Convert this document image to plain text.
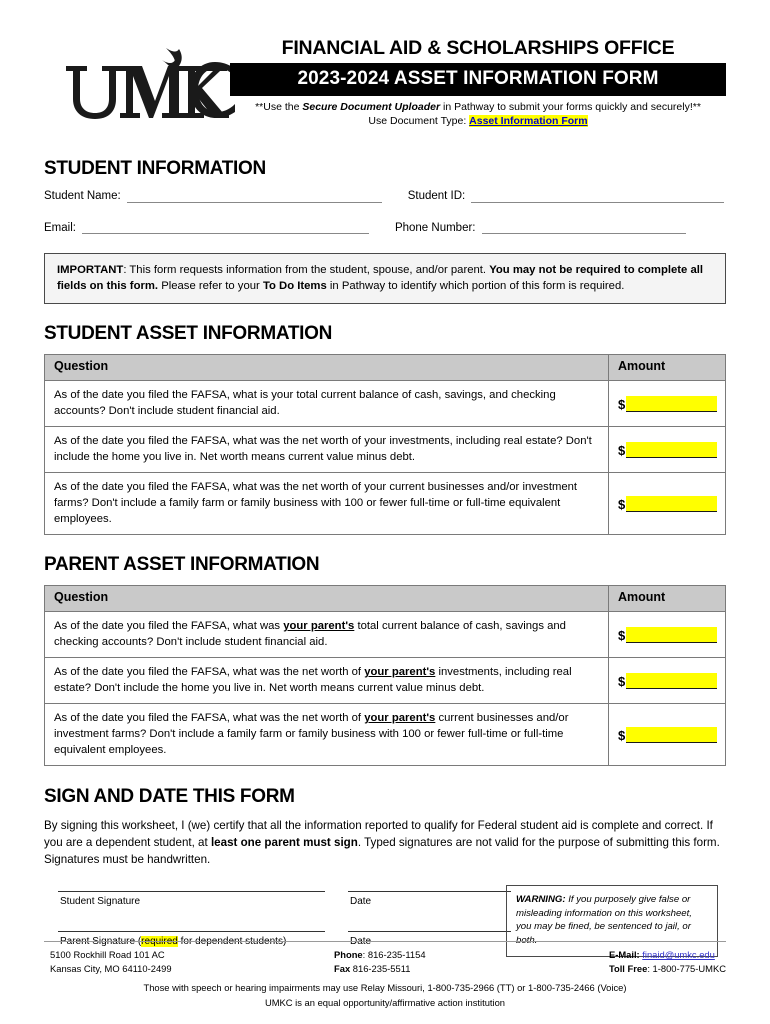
FINANCIAL AID & SCHOLARSHIPS OFFICE
2023-2024 ASSET INFORMATION FORM
**Use the Secure Document Uploader in Pathway to submit your forms quickly and securely!**
Use Document Type: Asset Information Form
STUDENT INFORMATION
Student Name:	Student ID:
Email:	Phone Number:
IMPORTANT: This form requests information from the student, spouse, and/or parent. You may not be required to complete all fields on this form. Please refer to your To Do Items in Pathway to identify which portion of this form is required.
STUDENT ASSET INFORMATION
Question	Amount
As of the date you filed the FAFSA, what is your total current balance of cash, savings, and checking accounts? Don't include student financial aid.	$

As of the date you filed the FAFSA, what was the net worth of your investments, including real estate? Don't include the home you live in. Net worth means current value minus debt.	$

As of the date you filed the FAFSA, what was the net worth of your current businesses and/or investment farms? Don't include a family farm or family business with 100 or fewer full-time or full-time equivalent employees.	$
PARENT ASSET INFORMATION
Question	Amount
As of the date you filed the FAFSA, what was your parent's total current balance of cash, savings and checking accounts? Don't include student financial aid.	$

As of the date you filed the FAFSA, what was the net worth of your parent's investments, including real estate? Don't include the home you live in. Net worth means current value minus debt.	$

As of the date you filed the FAFSA, what was the net worth of your parent's current businesses and/or investment farms? Don't include a family farm or family business with 100 or fewer full-time or full-time equivalent employees.	$
SIGN AND DATE THIS FORM
By signing this worksheet, I (we) certify that all the information reported to qualify for Federal student aid is complete and correct. If you are a dependent student, at least one parent must sign. Typed signatures are not valid for the purpose of submitting this form. Signatures must be handwritten.
Student Signature	Date
Parent Signature (required for dependent students)	Date
WARNING: If you purposely give false or misleading information on this worksheet, you may be fined, be sentenced to jail, or both.
5100 Rockhill Road 101 AC
Kansas City, MO 64110-2499
Phone: 816-235-1154
Fax 816-235-5511
E-Mail: finaid@umkc.edu
Toll Free: 1-800-775-UMKC
Those with speech or hearing impairments may use Relay Missouri, 1-800-735-2966 (TT) or 1-800-735-2466 (Voice)
UMKC is an equal opportunity/affirmative action institution
